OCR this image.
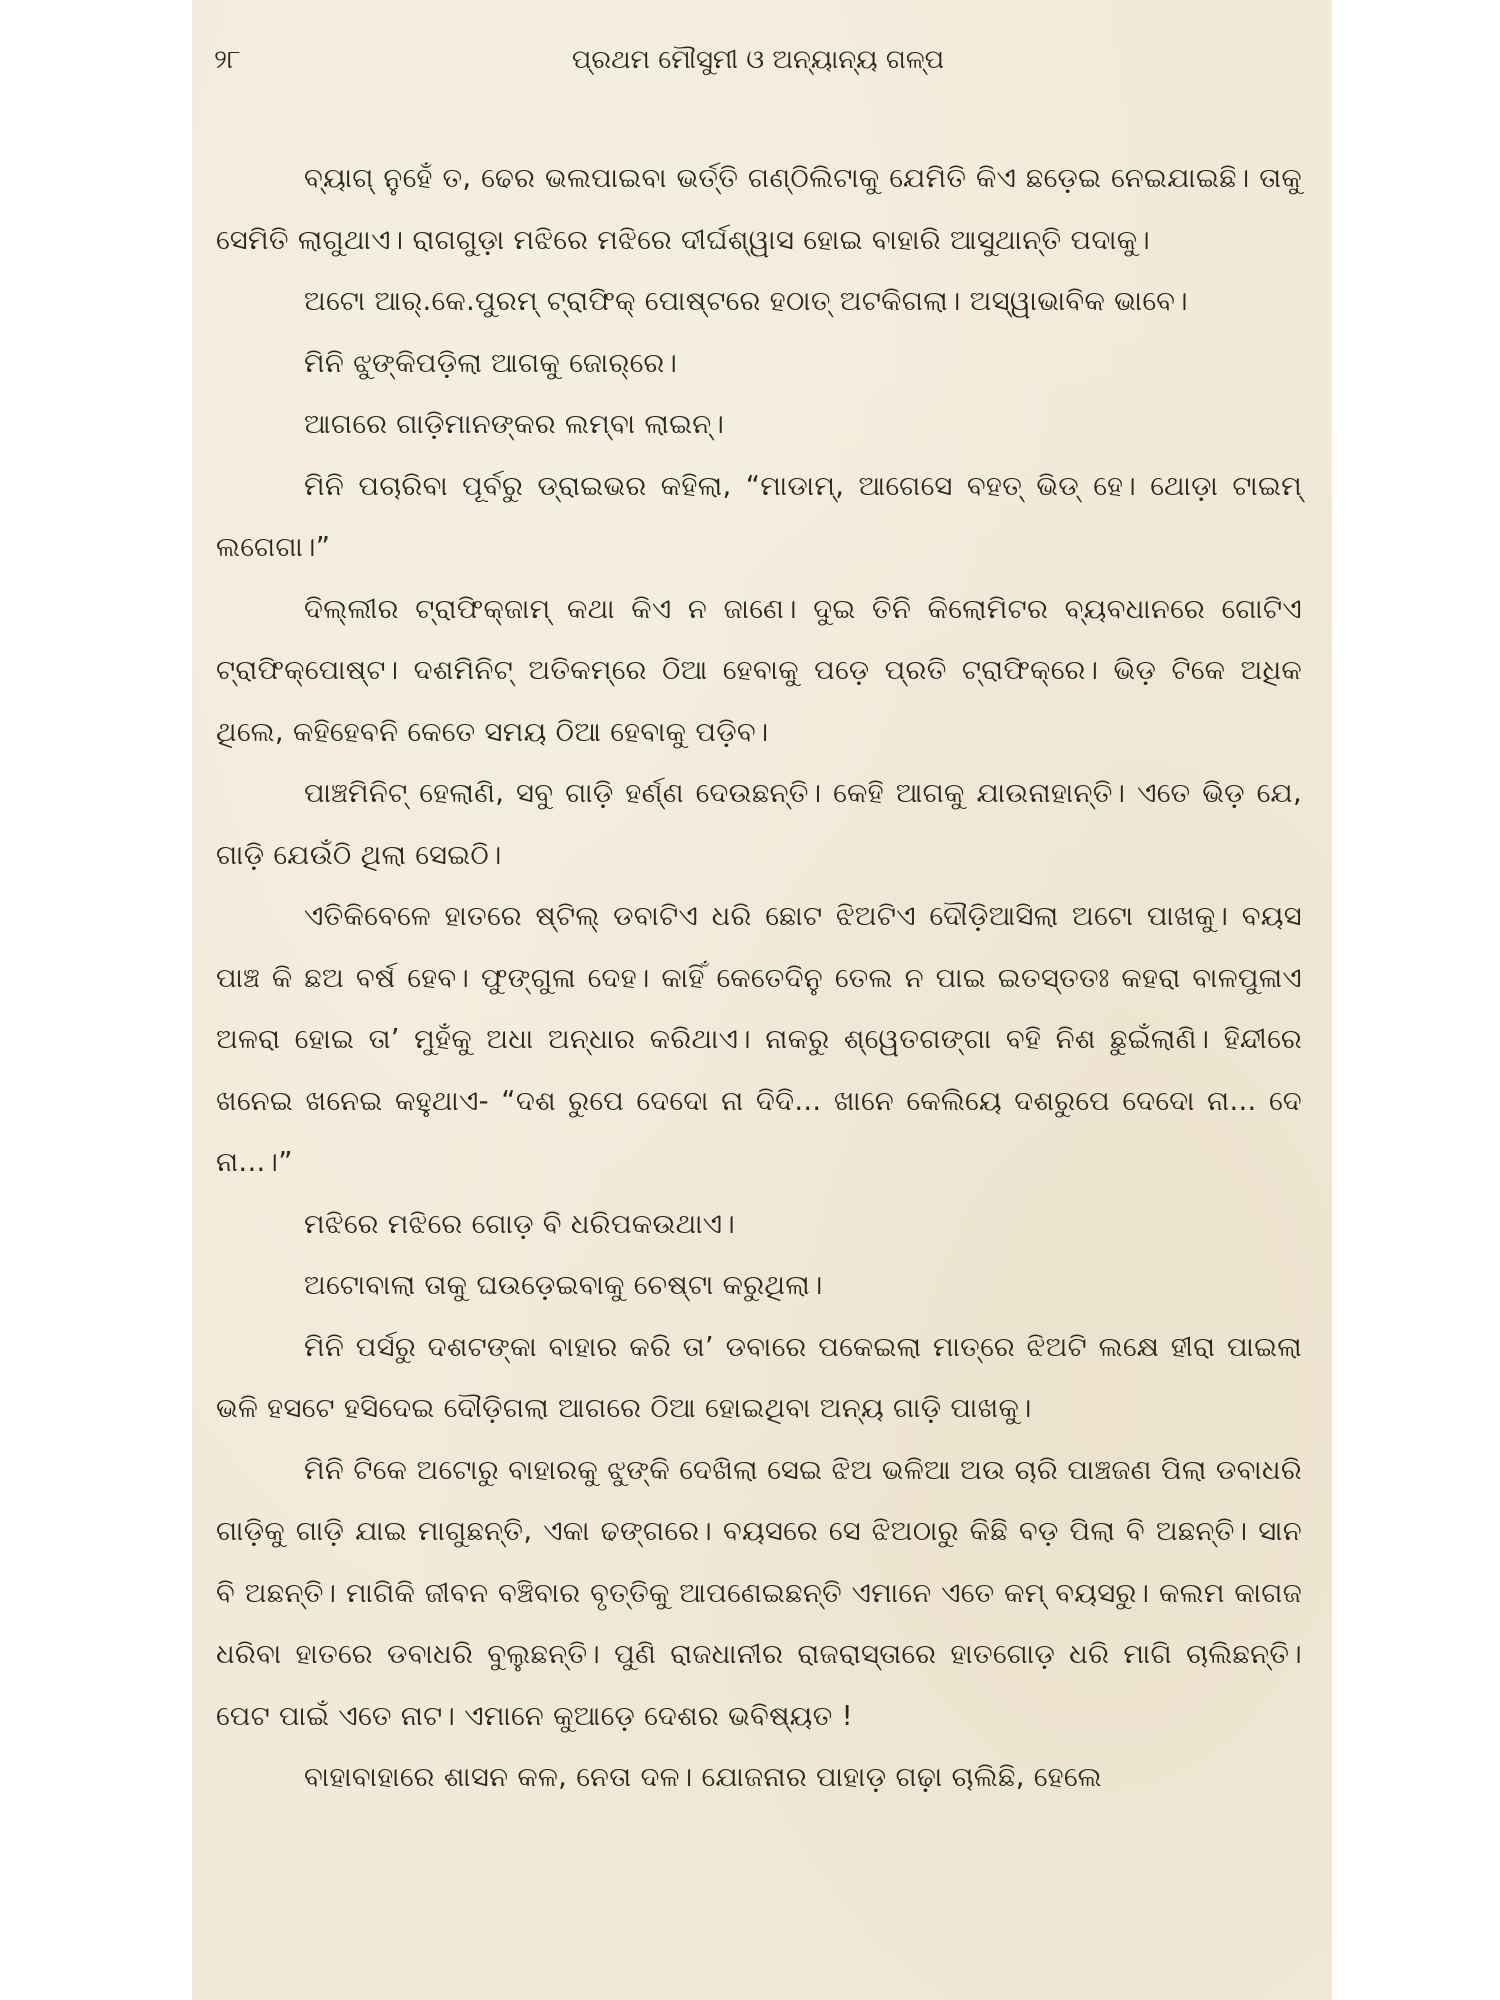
୨୮	ପ୍ରଥମ ମୌସୁମୀ ଓ ଅନ୍ୟାନ୍ୟ ଗଳ୍ପ

ବ୍ୟାଗ୍ ନୁହେଁ ତ, ଢେର ଭଲପାଇବା ଭର୍ତ୍ତି ଗଣ୍ଠିଲିଟାକୁ ଯେମିତି କିଏ ଛଡ଼େଇ ନେଇଯାଇଛି। ତାକୁ ସେମିତି ଲାଗୁଥାଏ। ରାଗଗୁଡ଼ା ମଝିରେ ମଝିରେ ଦୀର୍ଘଶ୍ୱାସ ହୋଇ ବାହାରି ଆସୁଥାନ୍ତି ପଦାକୁ।

ଅଟୋ ଆର୍.କେ.ପୁରମ୍ ଟ୍ରାଫିକ୍ ପୋଷ୍ଟରେ ହଠାତ୍ ଅଟକିଗଲା। ଅସ୍ୱାଭାବିକ ଭାବେ।

ମିନି ଝୁଙ୍କିପଡ଼ିଲା ଆଗକୁ ଜୋର୍‌ରେ।

ଆଗରେ ଗାଡ଼ିମାନଙ୍କର ଲମ୍ବା ଲାଇନ୍।

ମିନି ପଚାରିବା ପୂର୍ବରୁ ଡ୍ରାଇଭର କହିଲା, “ମାଡାମ୍, ଆଗେସେ ବହତ୍ ଭିଡ୍ ହେ। ଥୋଡ଼ା ଟାଇମ୍ ଲଗେଗା।”

ଦିଲ୍ଲୀର ଟ୍ରାଫିକ୍‌ଜାମ୍ କଥା କିଏ ନ ଜାଣେ। ଦୁଇ ତିନି କିଲୋମିଟର ବ୍ୟବଧାନରେ ଗୋଟିଏ ଟ୍ରାଫିକ୍‌ପୋଷ୍ଟ। ଦଶମିନିଟ୍ ଅତିକମ୍‌ରେ ଠିଆ ହେବାକୁ ପଡ଼େ ପ୍ରତି ଟ୍ରାଫିକ୍‌ରେ। ଭିଡ଼ ଟିକେ ଅଧିକ ଥିଲେ, କହିହେବନି କେତେ ସମୟ ଠିଆ ହେବାକୁ ପଡ଼ିବ।

ପାଞ୍ଚମିନିଟ୍ ହେଲାଣି, ସବୁ ଗାଡ଼ି ହର୍ଣ୍ଣ ଦେଉଛନ୍ତି। କେହି ଆଗକୁ ଯାଉନାହାନ୍ତି। ଏତେ ଭିଡ଼ ଯେ, ଗାଡ଼ି ଯେଉଁଠି ଥିଲା ସେଇଠି।

ଏତିକିବେଳେ ହାତରେ ଷ୍ଟିଲ୍ ଡବାଟିଏ ଧରି ଛୋଟ ଝିଅଟିଏ ଦୌଡ଼ିଆସିଲା ଅଟୋ ପାଖକୁ। ବୟସ ପାଞ୍ଚ କି ଛଅ ବର୍ଷ ହେବ। ଫୁଙ୍ଗୁଳା ଦେହ। କାହିଁ କେତେଦିନୁ ତେଲ ନ ପାଇ ଇତସ୍ତତଃ କହରା ବାଳପୁଳାଏ ଅଳରା ହୋଇ ତା’ ମୁହଁକୁ ଅଧା ଅନ୍ଧାର କରିଥାଏ। ନାକରୁ ଶ୍ୱେତଗଙ୍ଗା ବହି ନିଶ ଛୁଇଁଲାଣି। ହିନ୍ଦୀରେ ଖନେଇ ଖନେଇ କହୁଥାଏ- “ଦଶ ରୁପେ ଦେଦୋ ନା ଦିଦି... ଖାନେ କେଲିୟେ ଦଶରୁପେ ଦେଦୋ ନା... ଦେ ନା...।”

ମଝିରେ ମଝିରେ ଗୋଡ଼ ବି ଧରିପକଉଥାଏ।

ଅଟୋବାଲା ତାକୁ ଘଉଡ଼େଇବାକୁ ଚେଷ୍ଟା କରୁଥିଲା।

ମିନି ପର୍ସରୁ ଦଶଟଙ୍କା ବାହାର କରି ତା’ ଡବାରେ ପକେଇଲା ମାତ୍ରେ ଝିଅଟି ଲକ୍ଷେ ହୀରା ପାଇଲା ଭଳି ହସଟେ ହସିଦେଇ ଦୌଡ଼ିଗଲା ଆଗରେ ଠିଆ ହୋଇଥିବା ଅନ୍ୟ ଗାଡ଼ି ପାଖକୁ।

ମିନି ଟିକେ ଅଟୋରୁ ବାହାରକୁ ଝୁଙ୍କି ଦେଖିଲା ସେଇ ଝିଅ ଭଳିଆ ଅଉ ଚାରି ପାଞ୍ଚଜଣ ପିଲା ଡବାଧରି ଗାଡ଼ିକୁ ଗାଡ଼ି ଯାଇ ମାଗୁଛନ୍ତି, ଏକା ଢଙ୍ଗରେ। ବୟସରେ ସେ ଝିଅଠାରୁ କିଛି ବଡ଼ ପିଲା ବି ଅଛନ୍ତି। ସାନ ବି ଅଛନ୍ତି। ମାଗିକି ଜୀବନ ବଞ୍ଚିବାର ବୃତ୍ତିକୁ ଆପଣେଇଛନ୍ତି ଏମାନେ ଏତେ କମ୍ ବୟସରୁ। କଲମ କାଗଜ ଧରିବା ହାତରେ ଡବାଧରି ବୁଲୁଛନ୍ତି। ପୁଣି ରାଜଧାନୀର ରାଜରାସ୍ତାରେ ହାତଗୋଡ଼ ଧରି ମାଗି ଚାଲିଛନ୍ତି। ପେଟ ପାଇଁ ଏତେ ନାଟ। ଏମାନେ କୁଆଡ଼େ ଦେଶର ଭବିଷ୍ୟତ !

ବାହାବାହାରେ ଶାସନ କଳ, ନେତା ଦଳ। ଯୋଜନାର ପାହାଡ଼ ଗଢ଼ା ଚାଲିଛି, ହେଲେ
